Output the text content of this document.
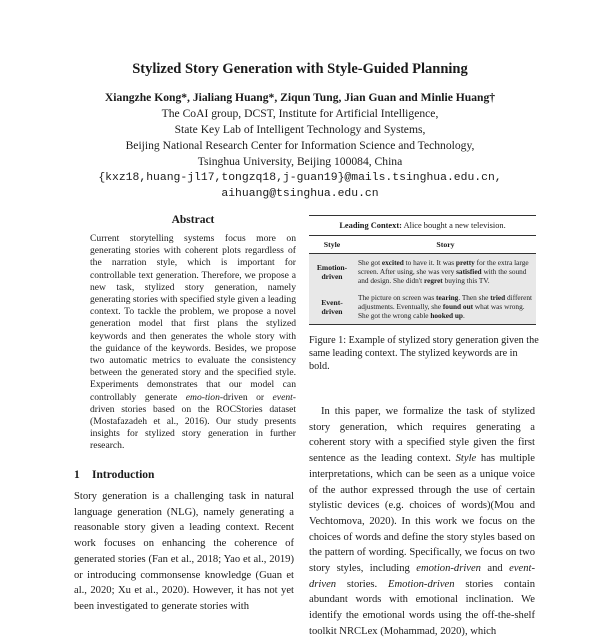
Stylized Story Generation with Style-Guided Planning
Xiangzhe Kong*, Jialiang Huang*, Ziqun Tung, Jian Guan and Minlie Huang†
The CoAI group, DCST, Institute for Artificial Intelligence,
State Key Lab of Intelligent Technology and Systems,
Beijing National Research Center for Information Science and Technology,
Tsinghua University, Beijing 100084, China
{kxz18,huang-jl17,tongzq18,j-guan19}@mails.tsinghua.edu.cn,
aihuang@tsinghua.edu.cn
Abstract

Current storytelling systems focus more on generating stories with coherent plots regardless of the narration style, which is important for controllable text generation. Therefore, we propose a new task, stylized story generation, namely generating stories with specified style given a leading context. To tackle the problem, we propose a novel generation model that first plans the stylized keywords and then generates the whole story with the guidance of the keywords. Besides, we propose two automatic metrics to evaluate the consistency between the generated story and the specified style. Experiments demonstrates that our model can controllably generate emo-tion-driven or event-driven stories based on the ROCStories dataset (Mostafazadeh et al., 2016). Our study presents insights for stylized story generation in further research.

1 Introduction
Story generation is a challenging task in natural language generation (NLG), namely generating a reasonable story given a leading context. Recent work focuses on enhancing the coherence of generated stories (Fan et al., 2018; Yao et al., 2019) or introducing commonsense knowledge (Guan et al., 2020; Xu et al., 2020). However, it has not yet been investigated to generate stories with
Leading Context: Alice bought a new television.
Style	Story
Emotion-driven	She got excited to have it. It was pretty for the extra large screen. After using, she was very satisfied with the sound and design. She didn't regret buying this TV.
Event-driven	The picture on screen was tearing. Then she tried different adjustments. Eventually, she found out what was wrong. She got the wrong cable hooked up.
Figure 1: Example of stylized story generation given the same leading context. The stylized keywords are in bold.
In this paper, we formalize the task of stylized story generation, which requires generating a coherent story with a specified style given the first sentence as the leading context. Style has multiple interpretations, which can be seen as a unique voice of the author expressed through the use of certain stylistic devices (e.g. choices of words)(Mou and Vechtomova, 2020). In this work we focus on the choices of words and define the story styles based on the pattern of wording. Specifically, we focus on two story styles, including emotion-driven and event-driven stories. Emotion-driven stories contain abundant words with emotional inclination. We identify the emotional words using the off-the-shelf toolkit NRCLex (Mohammad, 2020), which
